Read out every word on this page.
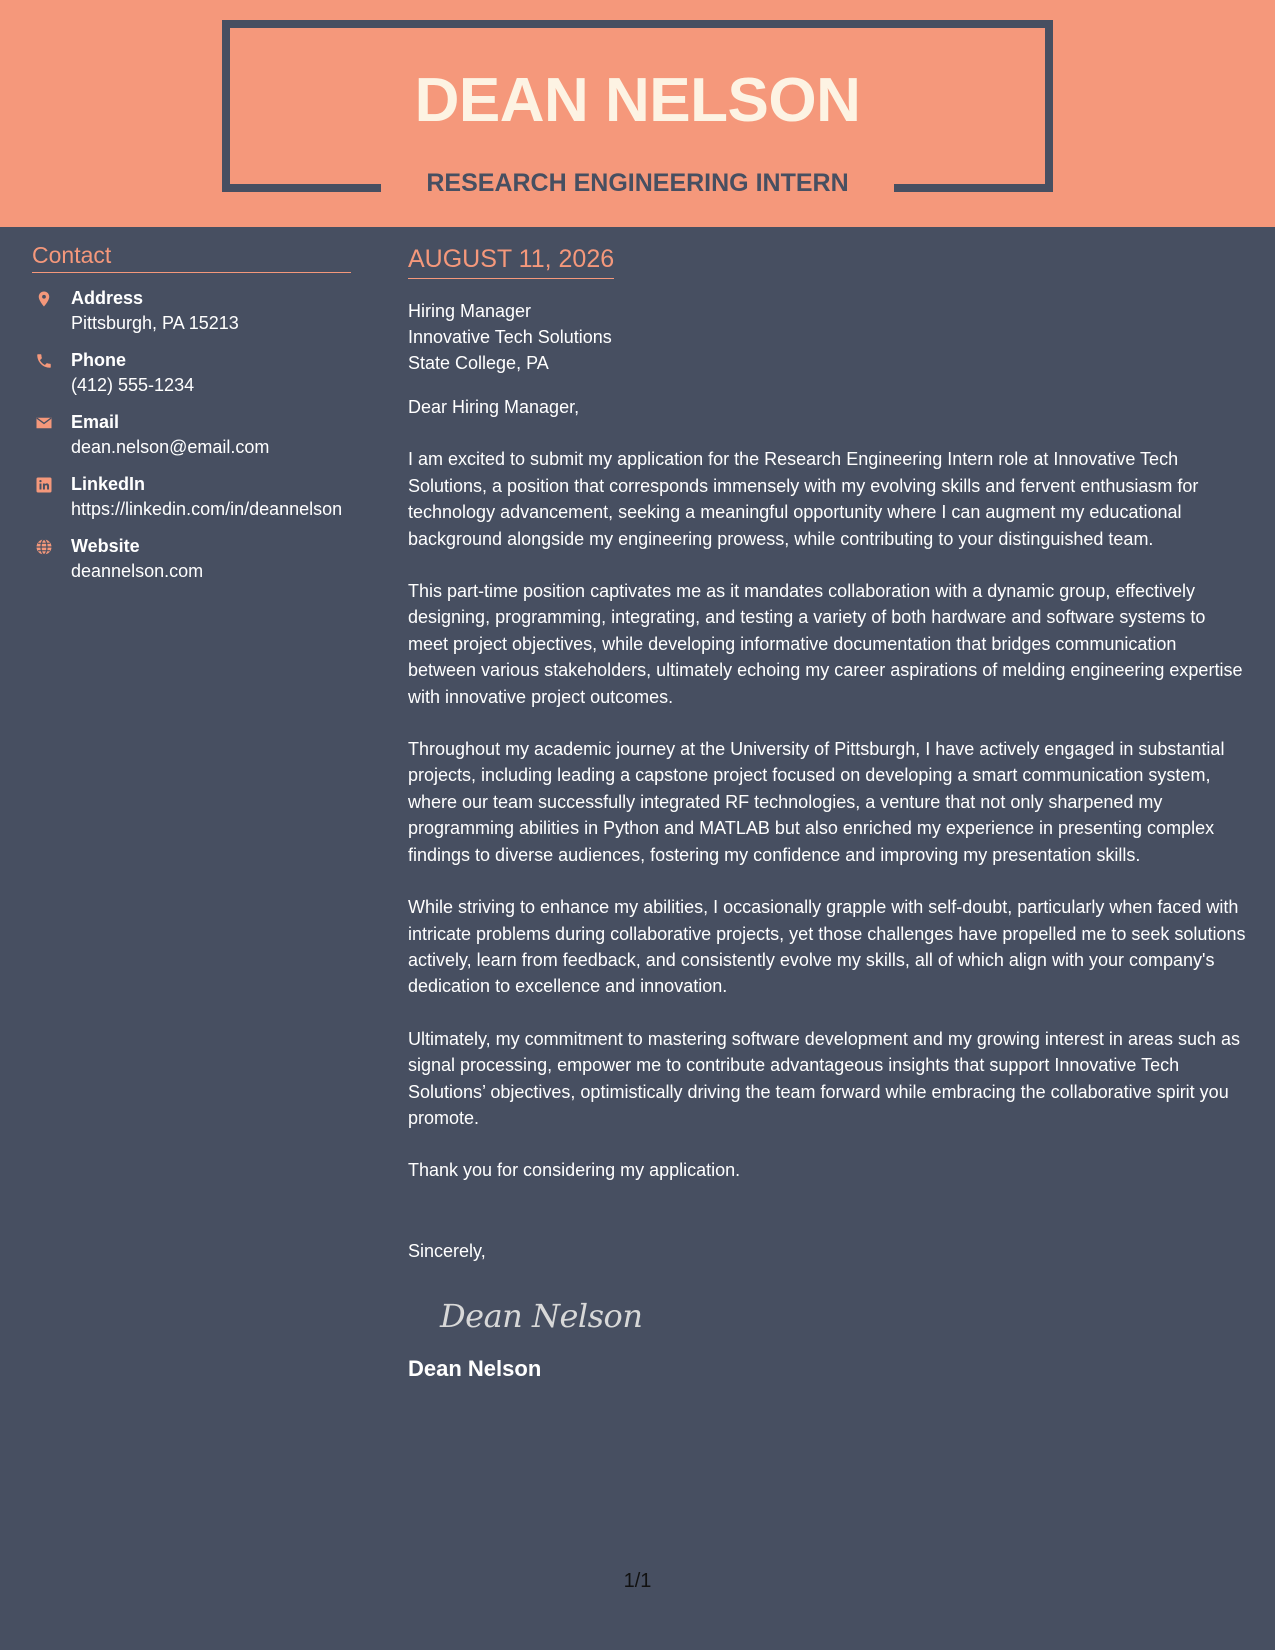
DEAN NELSON
RESEARCH ENGINEERING INTERN
Contact
Address
Pittsburgh, PA 15213
Phone
(412) 555-1234
Email
dean.nelson@email.com
LinkedIn
https://linkedin.com/in/deannelson
Website
deannelson.com
AUGUST 11, 2026
Hiring Manager
Innovative Tech Solutions
State College, PA
Dear Hiring Manager,

I am excited to submit my application for the Research Engineering Intern role at Innovative Tech Solutions, a position that corresponds immensely with my evolving skills and fervent enthusiasm for technology advancement, seeking a meaningful opportunity where I can augment my educational background alongside my engineering prowess, while contributing to your distinguished team.

This part-time position captivates me as it mandates collaboration with a dynamic group, effectively designing, programming, integrating, and testing a variety of both hardware and software systems to meet project objectives, while developing informative documentation that bridges communication between various stakeholders, ultimately echoing my career aspirations of melding engineering expertise with innovative project outcomes.

Throughout my academic journey at the University of Pittsburgh, I have actively engaged in substantial projects, including leading a capstone project focused on developing a smart communication system, where our team successfully integrated RF technologies, a venture that not only sharpened my programming abilities in Python and MATLAB but also enriched my experience in presenting complex findings to diverse audiences, fostering my confidence and improving my presentation skills.

While striving to enhance my abilities, I occasionally grapple with self-doubt, particularly when faced with intricate problems during collaborative projects, yet those challenges have propelled me to seek solutions actively, learn from feedback, and consistently evolve my skills, all of which align with your company's dedication to excellence and innovation.

Ultimately, my commitment to mastering software development and my growing interest in areas such as signal processing, empower me to contribute advantageous insights that support Innovative Tech Solutions’ objectives, optimistically driving the team forward while embracing the collaborative spirit you promote.

Thank you for considering my application.

Sincerely,
Dean Nelson
Dean Nelson
1/1
